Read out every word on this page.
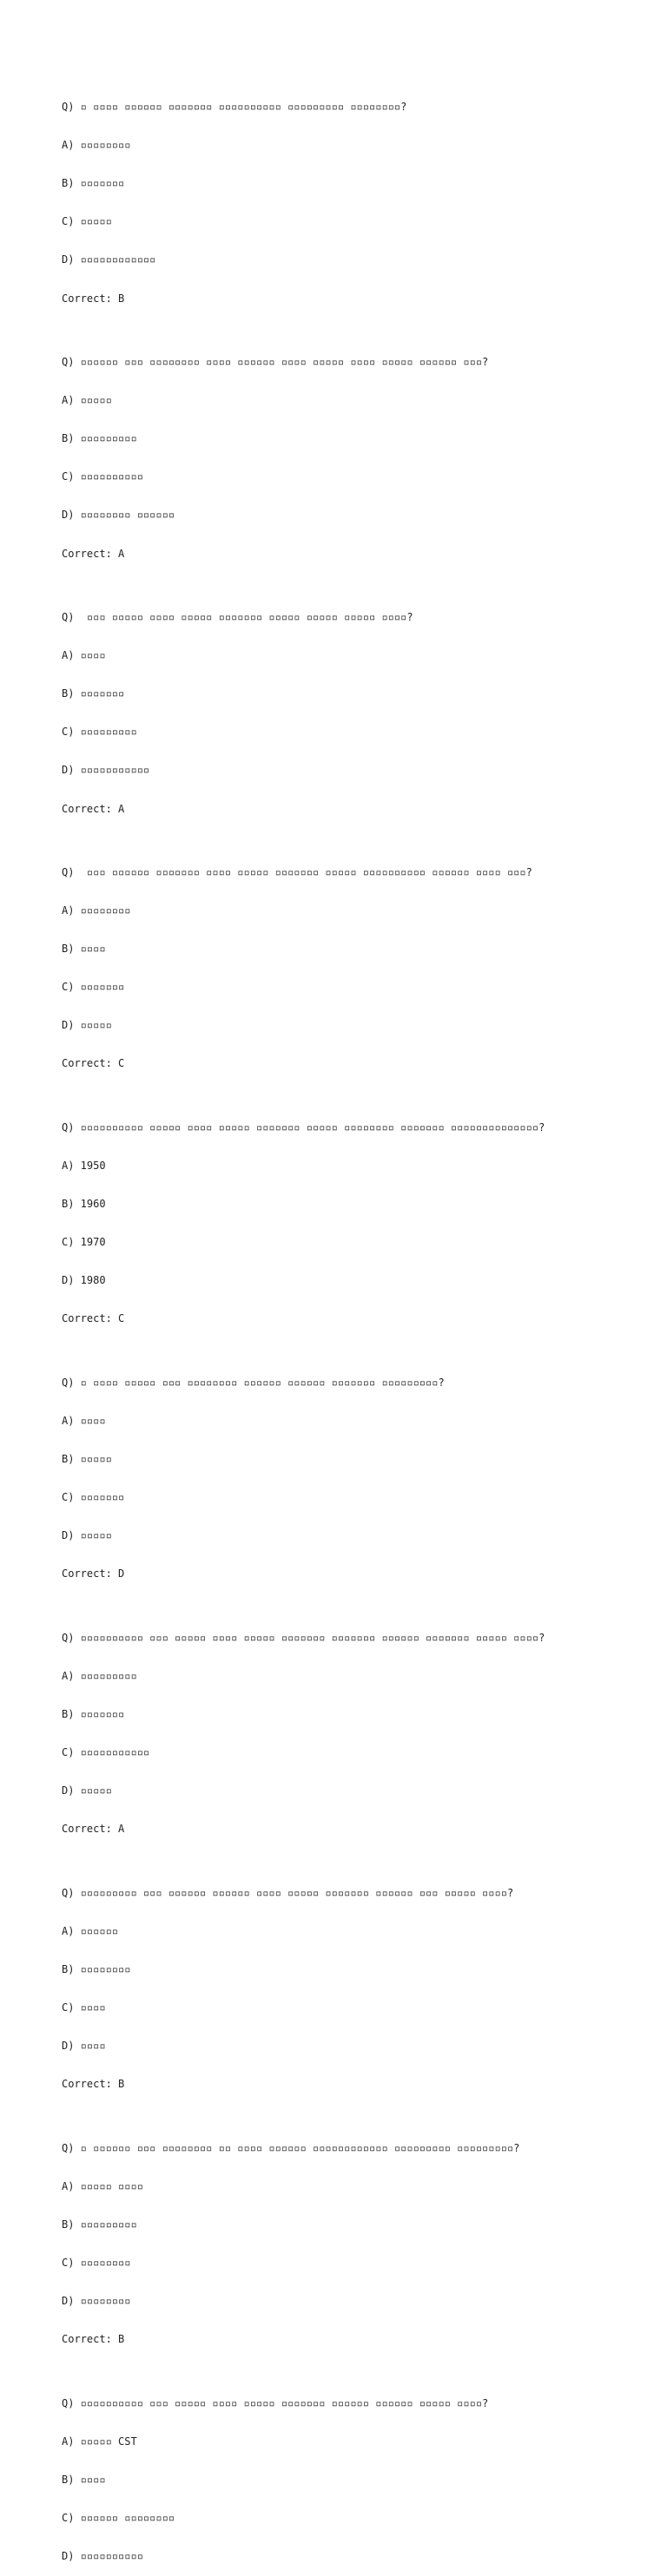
Q) ▫ ▫▫▫▫ ▫▫▫▫▫▫ ▫▫▫▫▫▫▫ ▫▫▫▫▫▫▫▫▫▫ ▫▫▫▫▫▫▫▫▫ ▫▫▫▫▫▫▫▫?

A) ▫▫▫▫▫▫▫▫

B) ▫▫▫▫▫▫▫

C) ▫▫▫▫▫

D) ▫▫▫▫▫▫▫▫▫▫▫▫

Correct: B

Q) ▫▫▫▫▫▫ ▫▫▫ ▫▫▫▫▫▫▫▫ ▫▫▫▫ ▫▫▫▫▫▫ ▫▫▫▫ ▫▫▫▫▫ ▫▫▫▫ ▫▫▫▫▫ ▫▫▫▫▫▫ ▫▫▫?

A) ▫▫▫▫▫

B) ▫▫▫▫▫▫▫▫▫

C) ▫▫▫▫▫▫▫▫▫▫

D) ▫▫▫▫▫▫▫▫ ▫▫▫▫▫▫

Correct: A

Q)  ▫▫▫ ▫▫▫▫▫ ▫▫▫▫ ▫▫▫▫▫ ▫▫▫▫▫▫▫ ▫▫▫▫▫ ▫▫▫▫▫ ▫▫▫▫▫ ▫▫▫▫?

A) ▫▫▫▫

B) ▫▫▫▫▫▫▫

C) ▫▫▫▫▫▫▫▫▫

D) ▫▫▫▫▫▫▫▫▫▫▫

Correct: A

Q)  ▫▫▫ ▫▫▫▫▫▫ ▫▫▫▫▫▫▫ ▫▫▫▫ ▫▫▫▫▫ ▫▫▫▫▫▫▫ ▫▫▫▫▫ ▫▫▫▫▫▫▫▫▫▫ ▫▫▫▫▫▫ ▫▫▫▫ ▫▫▫?

A) ▫▫▫▫▫▫▫▫

B) ▫▫▫▫

C) ▫▫▫▫▫▫▫

D) ▫▫▫▫▫

Correct: C

Q) ▫▫▫▫▫▫▫▫▫▫ ▫▫▫▫▫ ▫▫▫▫ ▫▫▫▫▫ ▫▫▫▫▫▫▫ ▫▫▫▫▫ ▫▫▫▫▫▫▫▫ ▫▫▫▫▫▫▫ ▫▫▫▫▫▫▫▫▫▫▫▫▫▫?

A) 1950

B) 1960

C) 1970

D) 1980

Correct: C

Q) ▫ ▫▫▫▫ ▫▫▫▫▫ ▫▫▫ ▫▫▫▫▫▫▫▫ ▫▫▫▫▫▫ ▫▫▫▫▫▫ ▫▫▫▫▫▫▫ ▫▫▫▫▫▫▫▫▫?

A) ▫▫▫▫

B) ▫▫▫▫▫

C) ▫▫▫▫▫▫▫

D) ▫▫▫▫▫

Correct: D

Q) ▫▫▫▫▫▫▫▫▫▫ ▫▫▫ ▫▫▫▫▫ ▫▫▫▫ ▫▫▫▫▫ ▫▫▫▫▫▫▫ ▫▫▫▫▫▫▫ ▫▫▫▫▫▫ ▫▫▫▫▫▫▫ ▫▫▫▫▫ ▫▫▫▫?

A) ▫▫▫▫▫▫▫▫▫

B) ▫▫▫▫▫▫▫

C) ▫▫▫▫▫▫▫▫▫▫▫

D) ▫▫▫▫▫

Correct: A

Q) ▫▫▫▫▫▫▫▫▫ ▫▫▫ ▫▫▫▫▫▫ ▫▫▫▫▫▫ ▫▫▫▫ ▫▫▫▫▫ ▫▫▫▫▫▫▫ ▫▫▫▫▫▫ ▫▫▫ ▫▫▫▫▫ ▫▫▫▫?

A) ▫▫▫▫▫▫

B) ▫▫▫▫▫▫▫▫

C) ▫▫▫▫

D) ▫▫▫▫

Correct: B

Q) ▫ ▫▫▫▫▫▫ ▫▫▫ ▫▫▫▫▫▫▫▫ ▫▫ ▫▫▫▫ ▫▫▫▫▫▫ ▫▫▫▫▫▫▫▫▫▫▫▫ ▫▫▫▫▫▫▫▫▫ ▫▫▫▫▫▫▫▫▫?

A) ▫▫▫▫▫ ▫▫▫▫

B) ▫▫▫▫▫▫▫▫▫

C) ▫▫▫▫▫▫▫▫

D) ▫▫▫▫▫▫▫▫

Correct: B

Q) ▫▫▫▫▫▫▫▫▫▫ ▫▫▫ ▫▫▫▫▫ ▫▫▫▫ ▫▫▫▫▫ ▫▫▫▫▫▫▫ ▫▫▫▫▫▫ ▫▫▫▫▫▫ ▫▫▫▫▫ ▫▫▫▫?

A) ▫▫▫▫▫ CST

B) ▫▫▫▫

C) ▫▫▫▫▫▫ ▫▫▫▫▫▫▫▫

D) ▫▫▫▫▫▫▫▫▫▫
